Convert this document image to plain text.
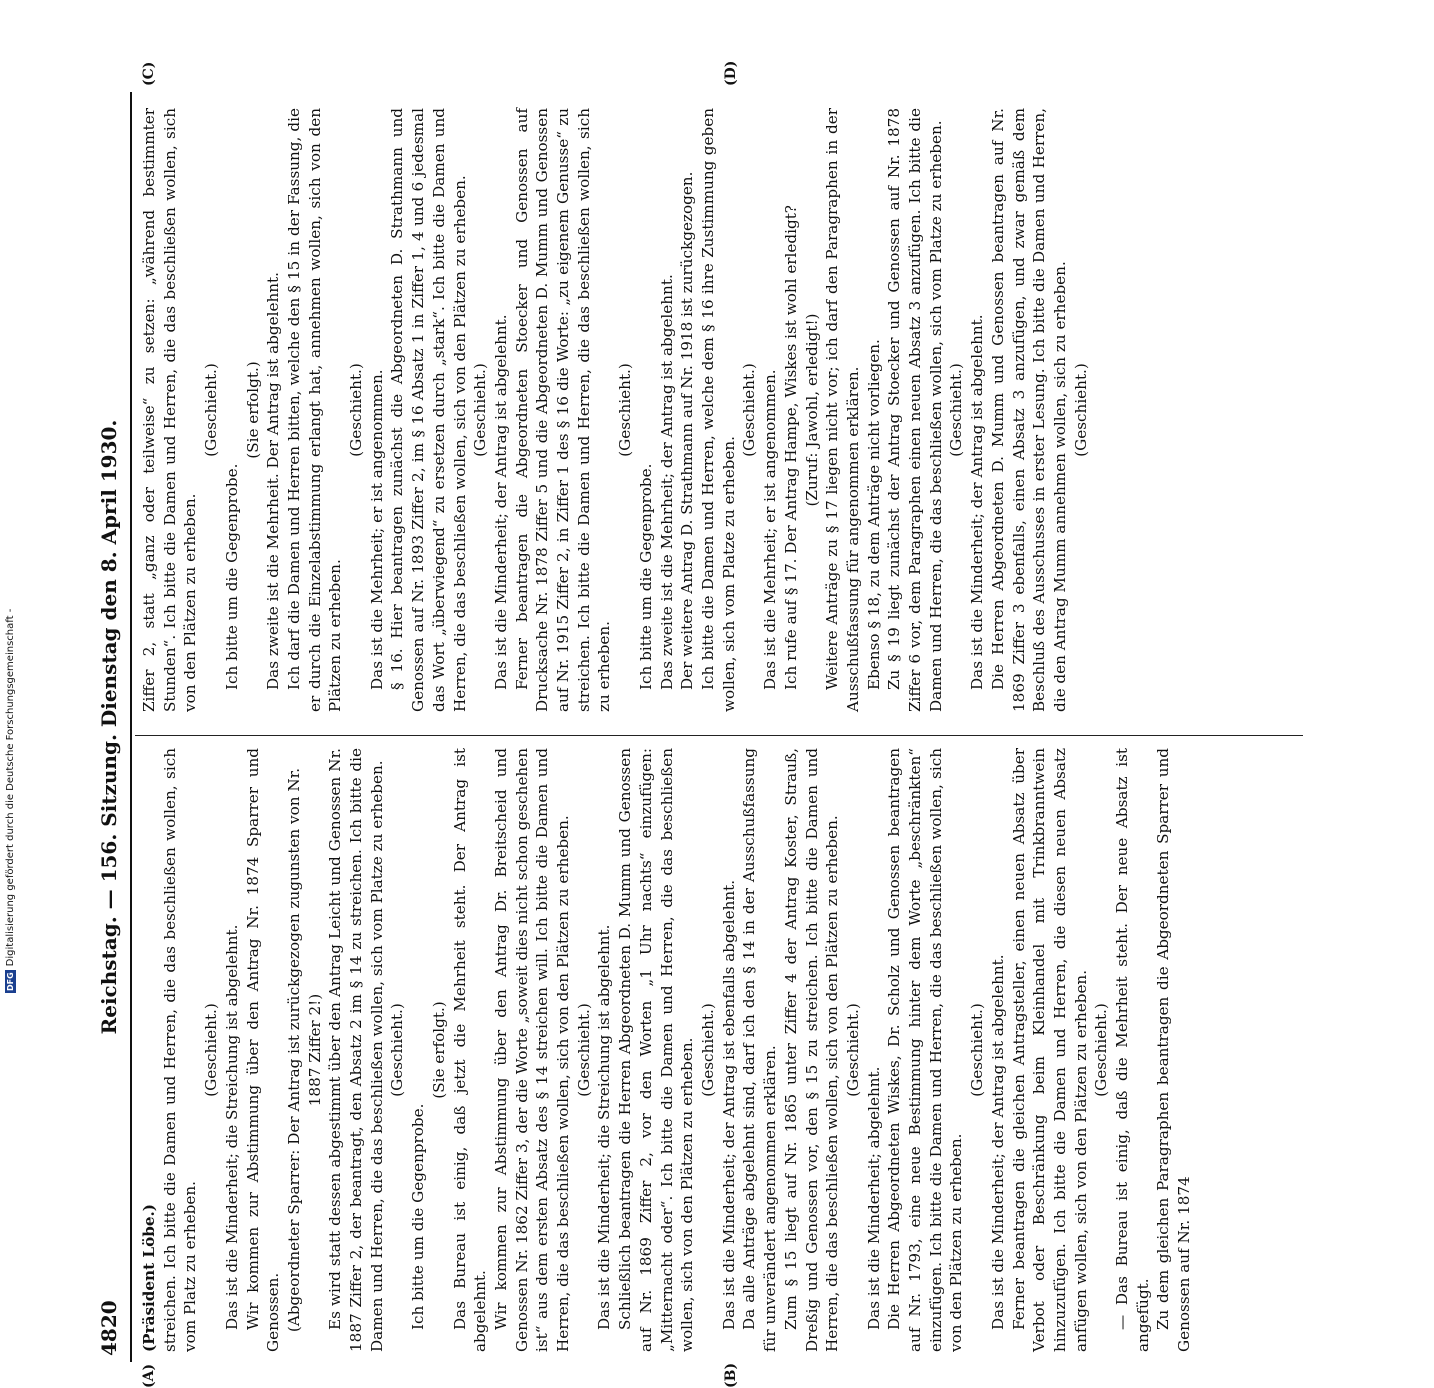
4820
Reichstag. — 156. Sitzung. Dienstag den 8. April 1930.
(A)	(B)
(C)	(D)

(Präsident Löbe.) streichen. Ich bitte die Damen und Herren, die das beschließen wollen, sich vom Platz zu erheben.

(Geschieht.) Das ist die Minderheit; die Streichung ist abgelehnt. Wir kommen zur Abstimmung über den Antrag Nr. 1874 Sparrer und Genossen. (Abgeordneter Sparrer: Der Antrag ist zurückgezogen zugunsten von Nr. 1887 Ziffer 2!) Es wird statt dessen abgestimmt über den Antrag Leicht und Genossen Nr. 1887 Ziffer 2, der beantragt, den Absatz 2 im § 14 zu streichen. Ich bitte die Damen und Herren, die das beschließen wollen, sich vom Platze zu erheben. (Geschieht.)

Ich bitte um die Gegenprobe.

(Sie erfolgt.) Das Bureau ist einig, daß jetzt die Mehrheit steht. Der Antrag ist abgelehnt. Wir kommen zur Abstimmung über den Antrag Dr. Breitscheid und Genossen Nr. 1862 Ziffer 3, der die Worte „soweit dies nicht schon geschehen ist“ aus dem ersten Absatz des § 14 streichen will. Ich bitte die Damen und Herren, die das beschließen wollen, sich von den Plätzen zu erheben. (Geschieht.) Das ist die Minderheit; die Streichung ist abgelehnt. Schließlich beantragen die Herren Abgeordneten D. Mumm und Genossen auf Nr. 1869 Ziffer 2, vor den Worten „1 Uhr nachts“ einzufügen: „Mitternacht oder“. Ich bitte die Damen und Herren, die das beschließen wollen, sich von den Plätzen zu erheben. (Geschieht.) Das ist die Minderheit; der Antrag ist ebenfalls abgelehnt. Da alle Anträge abgelehnt sind, darf ich den § 14 in der Ausschußfassung für unverändert angenommen erklären. Zum § 15 liegt auf Nr. 1865 unter Ziffer 4 der Antrag Koster, Strauß, Dreßig und Genossen vor, den § 15 zu streichen. Ich bitte die Damen und Herren, die das beschließen wollen, sich von den Plätzen zu erheben. (Geschieht.)

Das ist die Minderheit; abgelehnt. Die Herren Abgeordneten Wiskes, Dr. Scholz und Genossen beantragen auf Nr. 1793, eine neue Bestimmung hinter dem Worte „beschränkten“ einzufügen. Ich bitte die Damen und Herren, die das beschließen wollen, sich von den Plätzen zu erheben.

(Geschieht.) Das ist die Minderheit; der Antrag ist abgelehnt. Ferner beantragen die gleichen Antragsteller, einen neuen Absatz über Verbot oder Beschränkung beim Kleinhandel mit Trinkbranntwein hinzuzufügen. Ich bitte die Damen und Herren, die diesen neuen Absatz anfügen wollen, sich von den Plätzen zu erheben. (Geschieht.) — Das Bureau ist einig, daß die Mehrheit steht. Der neue Absatz ist angefügt. Zu dem gleichen Paragraphen beantragen die Abgeordneten Sparrer und Genossen auf Nr. 1874

Ziffer 2, statt „ganz oder teilweise“ zu setzen: „während bestimmter Stunden“. Ich bitte die Damen und Herren, die das beschließen wollen, sich von den Plätzen zu erheben.

(Geschieht.)

Ich bitte um die Gegenprobe.

(Sie erfolgt.) Das zweite ist die Mehrheit. Der Antrag ist abgelehnt. Ich darf die Damen und Herren bitten, welche den § 15 in der Fassung, die er durch die Einzelabstimmung erlangt hat, annehmen wollen, sich von den Plätzen zu erheben.

(Geschieht.) Das ist die Mehrheit; er ist angenommen. § 16. Hier beantragen zunächst die Abgeordneten D. Strathmann und Genossen auf Nr. 1893 Ziffer 2, im § 16 Absatz 1 in Ziffer 1, 4 und 6 jedesmal das Wort „überwiegend“ zu ersetzen durch „stark“. Ich bitte die Damen und Herren, die das beschließen wollen, sich von den Plätzen zu erheben. (Geschieht.) Das ist die Minderheit; der Antrag ist abgelehnt. Ferner beantragen die Abgeordneten Stoecker und Genossen auf Drucksache Nr. 1878 Ziffer 5 und die Abgeordneten D. Mumm und Genossen auf Nr. 1915 Ziffer 2, in Ziffer 1 des § 16 die Worte: „zu eigenem Genusse“ zu streichen. Ich bitte die Damen und Herren, die das beschließen wollen, sich zu erheben.

(Geschieht.)

Ich bitte um die Gegenprobe. Das zweite ist die Mehrheit; der Antrag ist abgelehnt. Der weitere Antrag D. Strathmann auf Nr. 1918 ist zurückgezogen. Ich bitte die Damen und Herren, welche dem § 16 ihre Zustimmung geben wollen, sich vom Platze zu erheben.

(Geschieht.) Das ist die Mehrheit; er ist angenommen. Ich rufe auf § 17. Der Antrag Hampe, Wiskes ist wohl erledigt? (Zuruf: Jawohl, erledigt!) Weitere Anträge zu § 17 liegen nicht vor; ich darf den Paragraphen in der Ausschußfassung für angenommen erklären. Ebenso § 18, zu dem Anträge nicht vorliegen. Zu § 19 liegt zunächst der Antrag Stoecker und Genossen auf Nr. 1878 Ziffer 6 vor, dem Paragraphen einen neuen Absatz 3 anzufügen. Ich bitte die Damen und Herren, die das beschließen wollen, sich vom Platze zu erheben. (Geschieht.) Das ist die Minderheit; der Antrag ist abgelehnt. Die Herren Abgeordneten D. Mumm und Genossen beantragen auf Nr. 1869 Ziffer 3 ebenfalls, einen Absatz 3 anzufügen, und zwar gemäß dem Beschluß des Ausschusses in erster Lesung. Ich bitte die Damen und Herren, die den Antrag Mumm annehmen wollen, sich zu erheben. (Geschieht.)

DFG
Digitalisierung gefördert durch die Deutsche Forschungsgemeinschaft -
